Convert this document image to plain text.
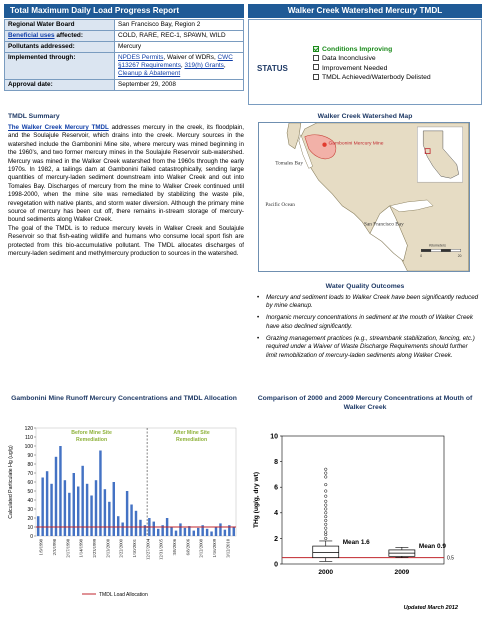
Total Maximum Daily Load Progress Report	Walker Creek Watershed Mercury TMDL
Regional Water Board	San Francisco Bay, Region 2
Beneficial uses affected:	COLD, RARE, REC-1, SPAWN, WILD
Pollutants addressed:	Mercury
Implemented through:	NPDES Permits, Waiver of WDRs, CWC §13267 Requirements, 319(h) Grants, Cleanup & Abatement
Approval date:	September 29, 2008
STATUS
Conditions Improving
Data Inconclusive
Improvement Needed
TMDL Achieved/Waterbody Delisted
TMDL Summary

The Walker Creek Mercury TMDL addresses mercury in the creek, its floodplain, and the Soulajule Reservoir, which drains into the creek. Mercury sources in the watershed include the Gambonini Mine site, where mercury was mined beginning in the 1960's, and two former mercury mines in the Soulajule Reservoir sub-watershed. Mercury was mined in the Walker Creek watershed from the 1960s through the early 1970s. In 1982, a tailings dam at Gambonini failed catastrophically, sending large quantities of mercury-laden sediment downstream into Walker Creek and out into Tomales Bay. Discharges of mercury from the mine to Walker Creek continued until 1998-2000, when the mine site was remediated by stabilizing the waste pile, revegetation with native plants, and storm water diversion. Although the primary mine source of mercury has been cut off, there remains in-stream storage of mercury-bound sediments along Walker Creek.

The goal of the TMDL is to reduce mercury levels in Walker Creek and Soulajule Reservoir so that fish-eating wildlife and humans who consume local sport fish are protected from this bio-accumulative pollutant. The TMDL allocates discharges of mercury-laden sediment and methylmercury production to sources in the watershed.

Walker Creek Watershed Map
Gambonini Mercury Mine
Tomales Bay
Pacific Ocean
San Francisco Bay
Kilometers
0	20
Water Quality Outcomes
• Mercury and sediment loads to Walker Creek have been significantly reduced by mine cleanup.
• Inorganic mercury concentrations in sediment at the mouth of Walker Creek have also declined significantly.
• Grazing management practices (e.g., streambank stabilization, fencing, etc.) required under a Waiver of Waste Discharge Requirements should further limit remobilization of mercury-laden sediments along Walker Creek.
Gambonini Mine Runoff Mercury Concentrations and TMDL Allocation	Comparison of 2000 and 2009 Mercury Concentrations at Mouth of Walker Creek
0
10
20
30
40
50
60
70
80
90
100
110
120
Calculated Particulate Hg (ug/g)
Before Mine Site Remediation
After Mine Site Remediation
1/9/1998 2/3/1998 2/17/1998 1/14/1998 2/23/1999 2/13/2000 2/22/2000 1/10/2001 12/27/2004 12/31/2005 3/8/2006 6/8/2006 2/12/2008 1/16/2009 3/12/2010
TMDL Load Allocation
0
2
4
6
8
10
THg (ug/g, dry wt)
0.5
Mean 1.6
2000
Mean 0.9
2009
Updated March 2012
